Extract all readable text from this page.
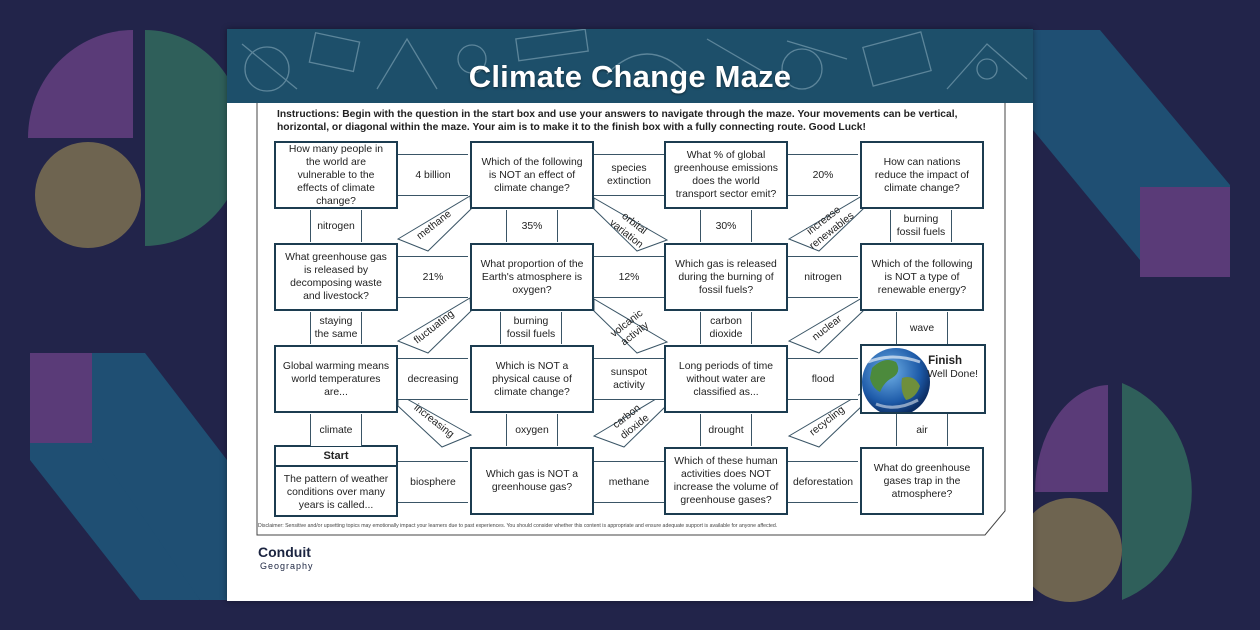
Climate Change Maze
Instructions: Begin with the question in the start box and use your answers to navigate through the maze. Your movements can be vertical, horizontal, or diagonal within the maze. Your aim is to make it to the finish box with a fully connecting route. Good Luck!
How many people in the world are vulnerable to the effects of climate change?
Which of the following is NOT an effect of climate change?
What % of global greenhouse emissions does the world transport sector emit?
How can nations reduce the impact of climate change?
What greenhouse gas is released by decomposing waste and livestock?
What proportion of the Earth's atmosphere is oxygen?
Which gas is released during the burning of fossil fuels?
Which of the following is NOT a type of renewable energy?
Global warming means world temperatures are...
Which is NOT a physical cause of climate change?
Long periods of time without water are classified as...
Finish
Well Done!
Start
The pattern of weather conditions over many years is called...
Which gas is NOT a greenhouse gas?
Which of these human activities does NOT increase the volume of greenhouse gases?
What do greenhouse gases trap in the atmosphere?
4 billion
species extinction
20%
21%	12%	nitrogen
decreasing
sunspot activity
flood
biosphere	methane	deforestation
nitrogen	35%	30%
burning fossil fuels
staying the same
burning fossil fuels
carbon dioxide
wave
climate	oxygen	drought	air
methane	orbital variation	increase renewables
fluctuating	volcanic activity	nuclear
increasing	carbon dioxide	recycling
Disclaimer: Sensitive and/or upsetting topics may emotionally impact your learners due to past experiences. You should consider whether this content is appropriate and ensure adequate support is available for anyone affected.
Conduit
Geography
